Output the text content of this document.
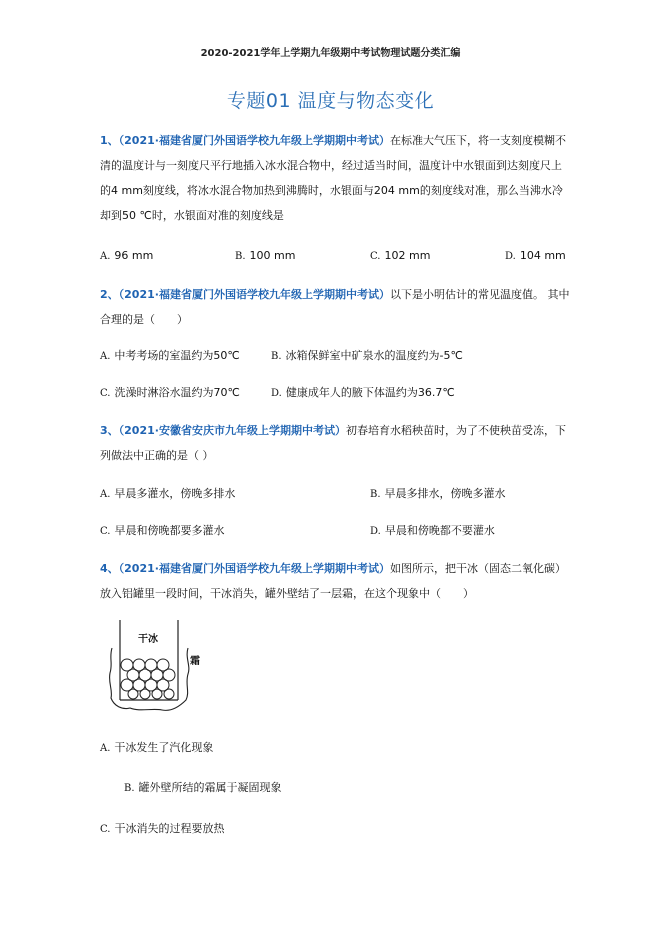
2020-2021学年上学期九年级期中考试物理试题分类汇编
专题01 温度与物态变化
1、（2021·福建省厦门外国语学校九年级上学期期中考试）在标准大气压下，将一支刻度模糊不清的温度计与一刻度尺平行地插入冰水混合物中，经过适当时间，温度计中水银面到达刻度尺上的4 mm刻度线，将冰水混合物加热到沸腾时，水银面与204 mm的刻度线对准，那么当沸水冷却到50 ℃时，水银面对准的刻度线是
A. 96 mm	B. 100 mm	C. 102 mm	D. 104 mm
2、（2021·福建省厦门外国语学校九年级上学期期中考试）以下是小明估计的常见温度值。 其中合理的是（　　）
A. 中考考场的室温约为50℃	B. 冰箱保鲜室中矿泉水的温度约为-5℃
C. 洗澡时淋浴水温约为70℃	D. 健康成年人的腋下体温约为36.7℃
3、（2021·安徽省安庆市九年级上学期期中考试）初春培育水稻秧苗时，为了不使秧苗受冻，下列做法中正确的是（ ）
A. 早晨多灌水，傍晚多排水	B. 早晨多排水，傍晚多灌水
C. 早晨和傍晚都要多灌水	D. 早晨和傍晚都不要灌水
4、（2021·福建省厦门外国语学校九年级上学期期中考试）如图所示，把干冰（固态二氧化碳）放入铝罐里一段时间，干冰消失，罐外壁结了一层霜，在这个现象中（　　）
干冰
霜
A. 干冰发生了汽化现象
B. 罐外壁所结的霜属于凝固现象
C. 干冰消失的过程要放热
